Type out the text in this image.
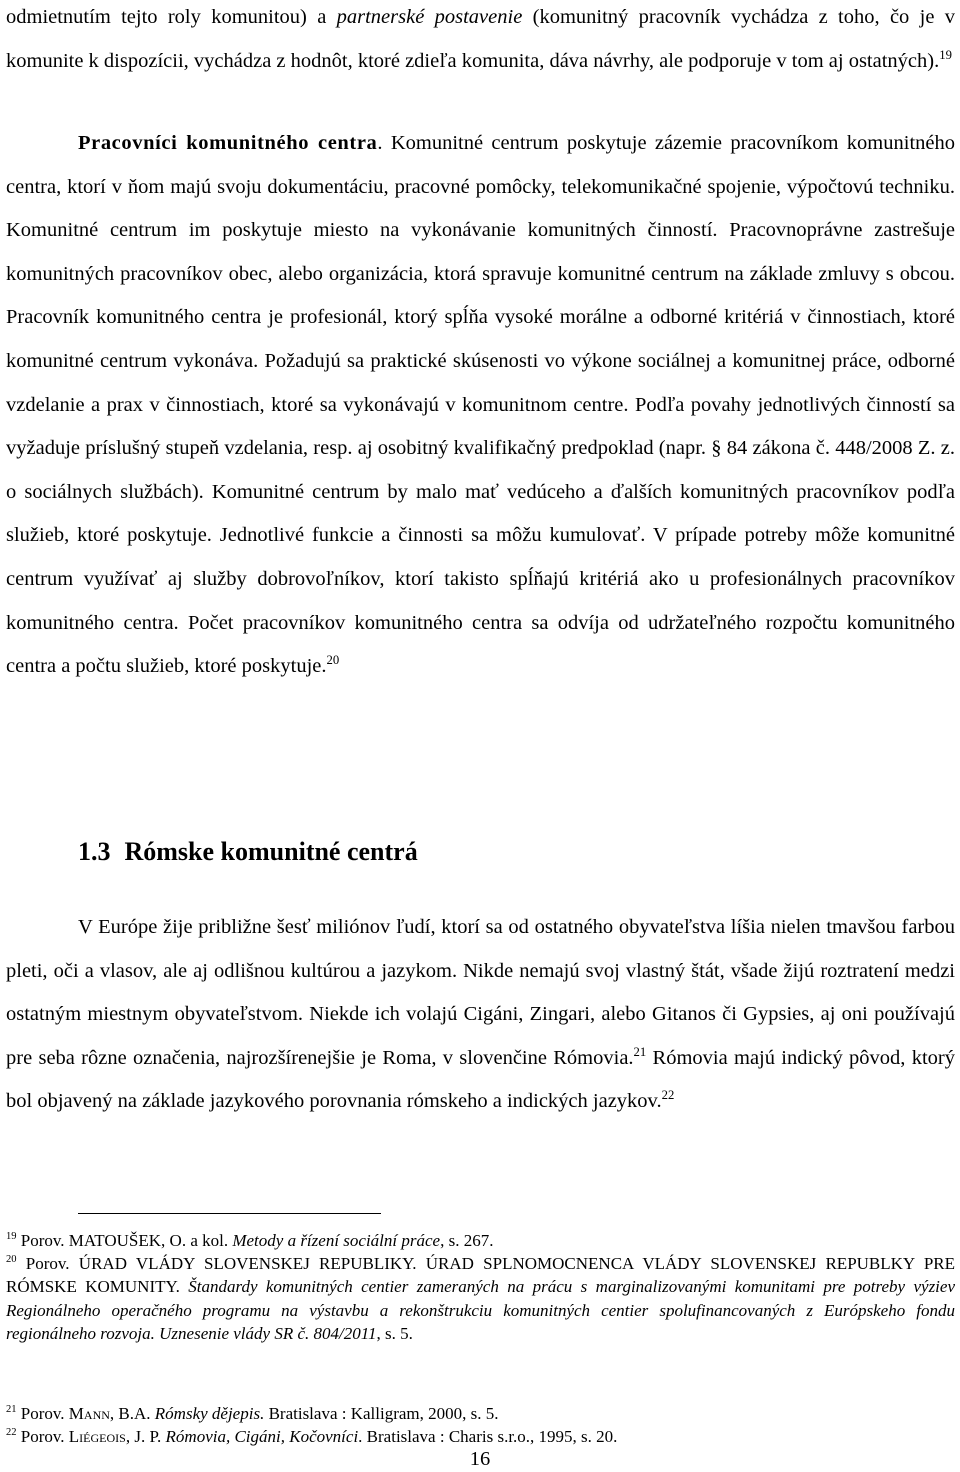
odmietnutím tejto roly komunitou) a partnerské postavenie (komunitný pracovník vychádza z toho, čo je v komunite k dispozícii, vychádza z hodnôt, ktoré zdieľa komunita, dáva návrhy, ale podporuje v tom aj ostatných).$^{19}$

Pracovníci komunitného centra. Komunitné centrum poskytuje zázemie pracovníkom komunitného centra, ktorí v ňom majú svoju dokumentáciu, pracovné pomôcky, telekomunikačné spojenie, výpočtovú techniku. Komunitné centrum im poskytuje miesto na vykonávanie komunitných činností. Pracovnoprávne zastrešuje komunitných pracovníkov obec, alebo organizácia, ktorá spravuje komunitné centrum na základe zmluvy s obcou. Pracovník komunitného centra je profesionál, ktorý spĺňa vysoké morálne a odborné kritériá v činnostiach, ktoré komunitné centrum vykonáva. Požadujú sa praktické skúsenosti vo výkone sociálnej a komunitnej práce, odborné vzdelanie a prax v činnostiach, ktoré sa vykonávajú v komunitnom centre. Podľa povahy jednotlivých činností sa vyžaduje príslušný stupeň vzdelania, resp. aj osobitný kvalifikačný predpoklad (napr. § 84 zákona č. 448/2008 Z. z. o sociálnych službách). Komunitné centrum by malo mať vedúceho a ďalších komunitných pracovníkov podľa služieb, ktoré poskytuje. Jednotlivé funkcie a činnosti sa môžu kumulovať. V prípade potreby môže komunitné centrum využívať aj služby dobrovoľníkov, ktorí takisto spĺňajú kritériá ako u profesionálnych pracovníkov komunitného centra. Počet pracovníkov komunitného centra sa odvíja od udržateľného rozpočtu komunitného centra a počtu služieb, ktoré poskytuje.$^{20}$

1.3 Rómske komunitné centrá

V Európe žije približne šesť miliónov ľudí, ktorí sa od ostatného obyvateľstva líšia nielen tmavšou farbou pleti, oči a vlasov, ale aj odlišnou kultúrou a jazykom. Nikde nemajú svoj vlastný štát, všade žijú roztratení medzi ostatným miestnym obyvateľstvom. Niekde ich volajú Cigáni, Zingari, alebo Gitanos či Gypsies, aj oni používajú pre seba rôzne označenia, najrozšírenejšie je Roma, v slovenčine Rómovia.$^{21}$ Rómovia majú indický pôvod, ktorý bol objavený na základe jazykového porovnania rómskeho a indických jazykov.$^{22}$

$^{19}$ Porov. MATOUŠEK, O. a kol. Metody a řízení sociální práce, s. 267.

$^{20}$ Porov. ÚRAD VLÁDY SLOVENSKEJ REPUBLIKY. ÚRAD SPLNOMOCNENCA VLÁDY SLOVENSKEJ REPUBLKY PRE RÓMSKE KOMUNITY. Štandardy komunitných centier zameraných na prácu s marginalizovanými komunitami pre potreby výziev Regionálneho operačného programu na výstavbu a rekonštrukciu komunitných centier spolufinancovaných z Európskeho fondu regionálneho rozvoja. Uznesenie vlády SR č. 804/2011, s. 5.

$^{21}$ Porov. Mann, B.A. Rómsky dějepis. Bratislava : Kalligram, 2000, s. 5.

$^{22}$ Porov. Liégeois, J. P. Rómovia, Cigáni, Kočovníci. Bratislava : Charis s.r.o., 1995, s. 20.

16
